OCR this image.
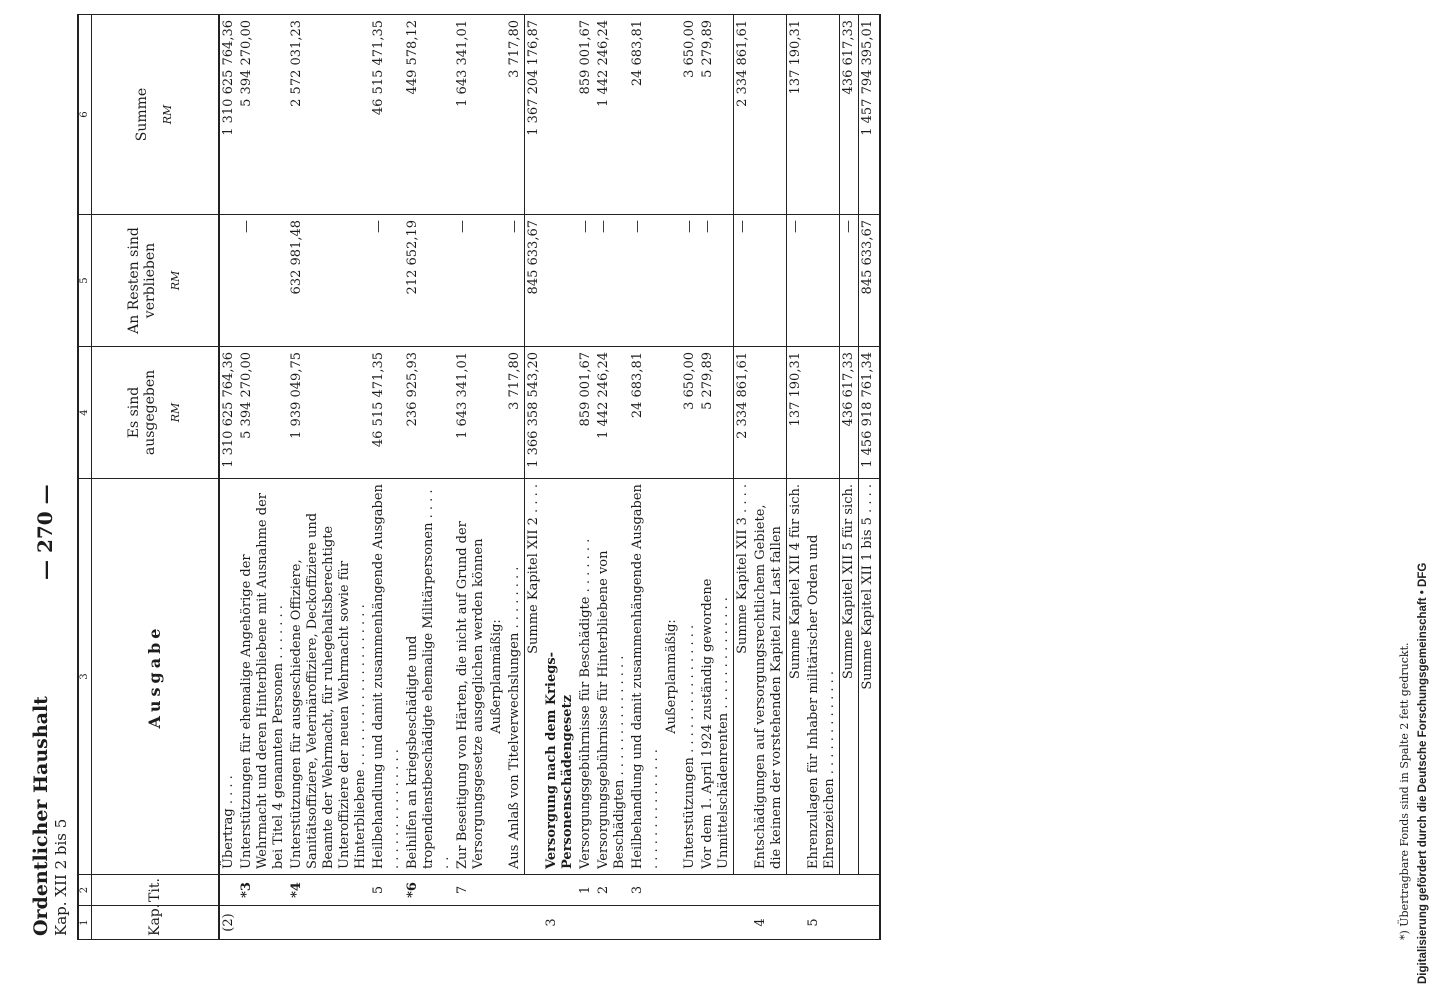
Ordentlicher Haushalt Kap. XII 2 bis 5
— 270 —
1	2	3	4	5	6
Kap.	Tit.	Ausgabe	Es sind ausgegeben RM	An Resten sind verblieben RM	Summe RM

(2)		Übertrag . . . .	1 310 625 764,36		1 310 625 764,36
	*3	Unterstützungen für ehemalige Angehörige der Wehrmacht und deren Hinterbliebene mit Ausnahme der bei Titel 4 genannten Personen . . . . . . .	5 394 270,00	—	5 394 270,00
	*4	Unterstützungen für ausgeschiedene Offiziere, Sanitätsoffiziere, Veterinäroffiziere, Deckoffiziere und Beamte der Wehrmacht, für ruhegehaltsberechtigte Unteroffiziere der neuen Wehrmacht sowie für Hinterbliebene . . . . . . . . . . . . . . . . . . . .	1 939 049,75	632 981,48	2 572 031,23
	5	Heilbehandlung und damit zusammenhängende Ausgaben . . . . . . . . . . . . . . .	46 515 471,35	—	46 515 471,35
	*6	Beihilfen an kriegsbeschädigte und tropendienstbeschädigte ehemalige Militärpersonen . . . . . .	236 925,93	212 652,19	449 578,12
	7	Zur Beseitigung von Härten, die nicht auf Grund der Versorgungsgesetze ausgeglichen werden können	1 643 341,01	—	1 643 341,01
		Außerplanmäßig:			
		Aus Anlaß von Titelverwechslungen . . . . . . . .	3 717,80	—	3 717,80
		Summe Kapitel XII 2 . . . .	1 366 358 543,20	845 633,67	1 367 204 176,87
3		Versorgung nach dem Kriegs-Personenschädengesetz			
	1	Versorgungsgebührnisse für Beschädigte . . . . . . .	859 001,67	—	859 001,67
	2	Versorgungsgebührnisse für Hinterbliebene von Beschädigten . . . . . . . . . . . . . . .	1 442 246,24	—	1 442 246,24
	3	Heilbehandlung und damit zusammenhängende Ausgaben . . . . . . . . . . . . . . .	24 683,81	—	24 683,81
		Außerplanmäßig:			
		Unterstützungen . . . . . . . . . . . . . . . .	3 650,00	—	3 650,00
		Vor dem 1. April 1924 zuständig gewordene Unmittelschädenrenten . . . . . . . . . . . . . .	5 279,89	—	5 279,89
		Summe Kapitel XII 3 . . . .	2 334 861,61	—	2 334 861,61
4		Entschädigungen auf versorgungsrechtlichem Gebiete, die keinem der vorstehenden Kapitel zur Last fallen			
		Summe Kapitel XII 4 für sich.	137 190,31	—	137 190,31
5		Ehrenzulagen für Inhaber militärischer Orden und Ehrenzeichen . . . . . . . . . . . . .			
		Summe Kapitel XII 5 für sich.	436 617,33	—	436 617,33
		Summe Kapitel XII 1 bis 5 . . . .	1 456 918 761,34	845 633,67	1 457 794 395,01
*) Übertragbare Fonds sind in Spalte 2 fett gedruckt. Digitalisierung gefördert durch die Deutsche Forschungsgemeinschaft • DFG
